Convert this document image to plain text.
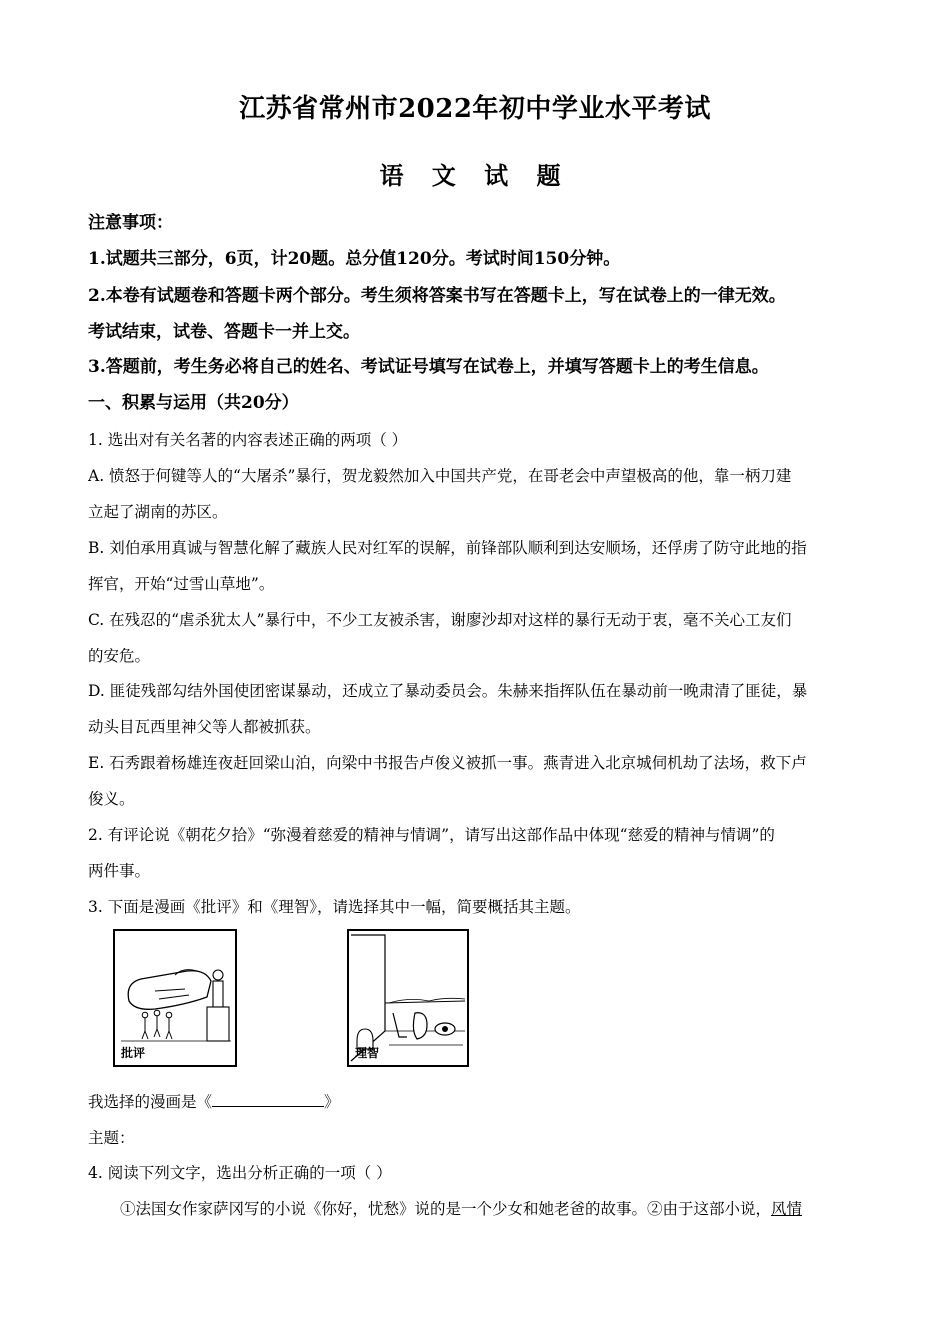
江苏省常州市2022年初中学业水平考试
语 文 试 题
注意事项：
1.试题共三部分，6页，计20题。总分值120分。考试时间150分钟。
2.本卷有试题卷和答题卡两个部分。考生须将答案书写在答题卡上，写在试卷上的一律无效。
考试结束，试卷、答题卡一并上交。
3.答题前，考生务必将自己的姓名、考试证号填写在试卷上，并填写答题卡上的考生信息。
一、积累与运用（共20分）
1. 选出对有关名著的内容表述正确的两项（ ）
A. 愤怒于何键等人的“大屠杀”暴行，贺龙毅然加入中国共产党，在哥老会中声望极高的他，靠一柄刀建
立起了湖南的苏区。
B. 刘伯承用真诚与智慧化解了藏族人民对红军的误解，前锋部队顺利到达安顺场，还俘虏了防守此地的指
挥官，开始“过雪山草地”。
C. 在残忍的“虐杀犹太人”暴行中，不少工友被杀害，谢廖沙却对这样的暴行无动于衷，毫不关心工友们
的安危。
D. 匪徒残部勾结外国使团密谋暴动，还成立了暴动委员会。朱赫来指挥队伍在暴动前一晚肃清了匪徒，暴
动头目瓦西里神父等人都被抓获。
E. 石秀跟着杨雄连夜赶回梁山泊，向梁中书报告卢俊义被抓一事。燕青进入北京城伺机劫了法场，救下卢
俊义。
2. 有评论说《朝花夕拾》“弥漫着慈爱的精神与情调”，请写出这部作品中体现“慈爱的精神与情调”的
两件事。
3. 下面是漫画《批评》和《理智》，请选择其中一幅，简要概括其主题。
批评	理智
我选择的漫画是《	》
主题：
4. 阅读下列文字，选出分析正确的一项（ ）
①法国女作家萨冈写的小说《你好，忧愁》说的是一个少女和她老爸的故事。②由于这部小说，风情
